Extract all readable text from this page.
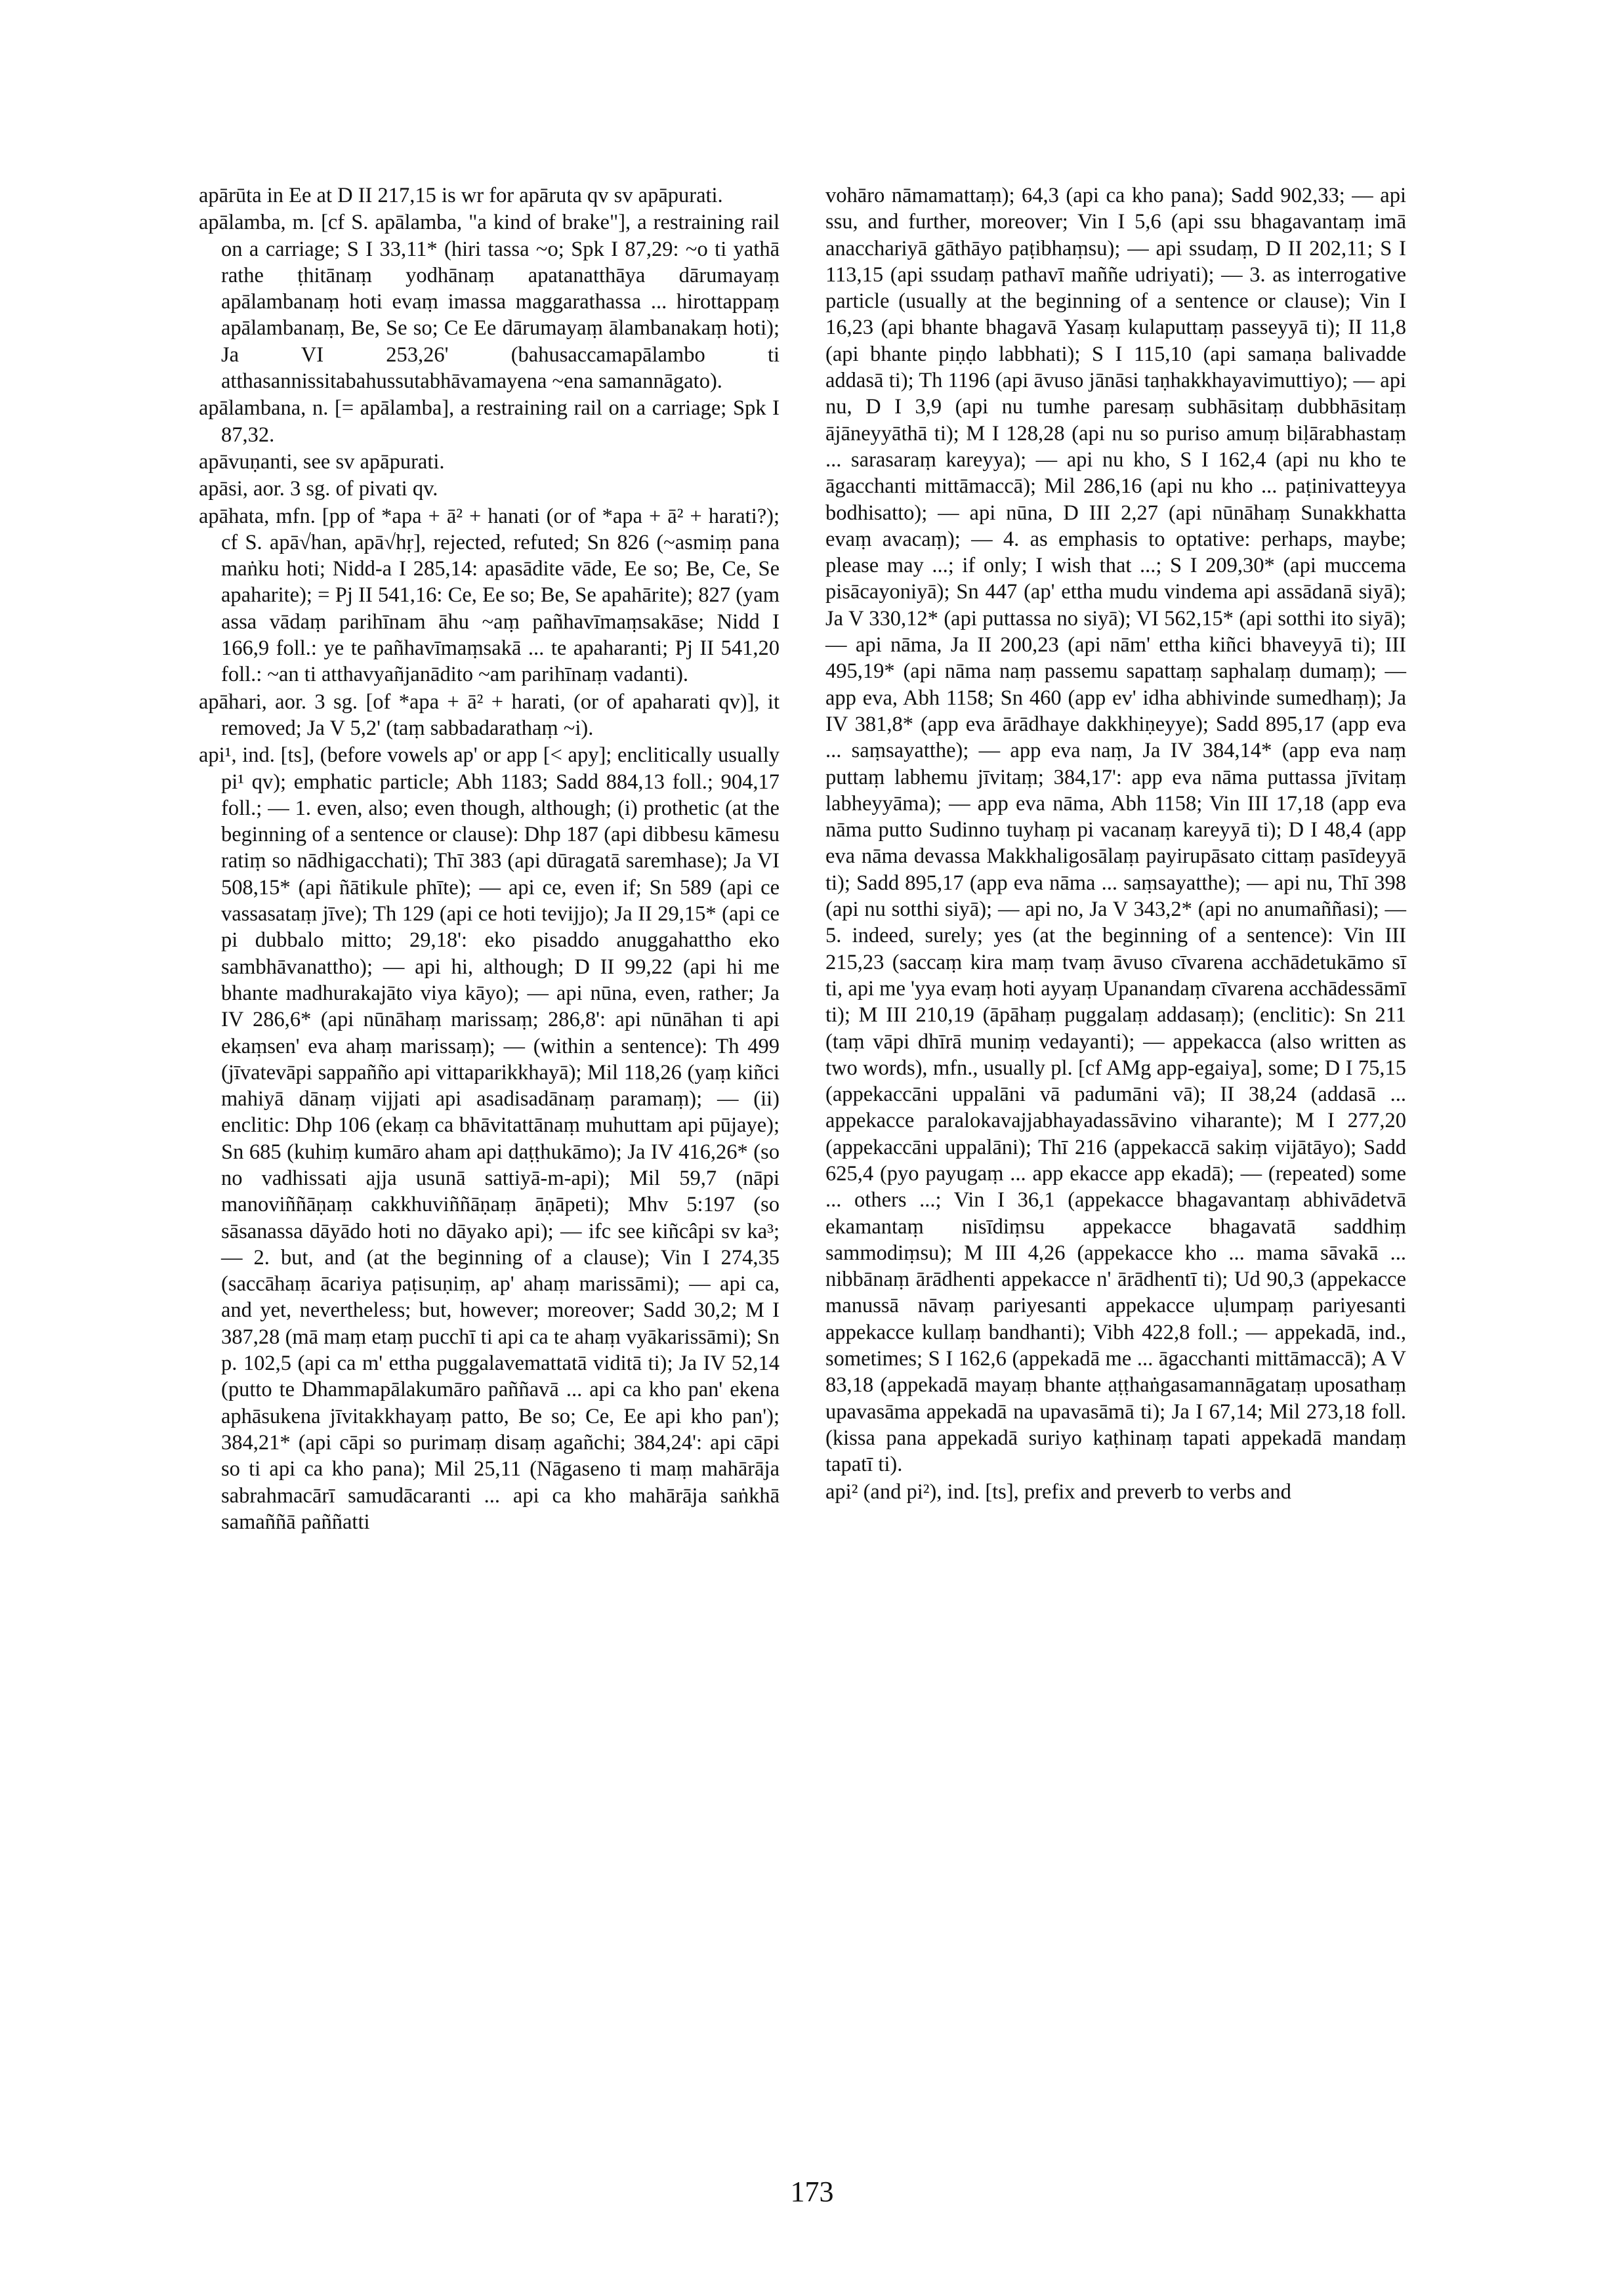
apārūta in Ee at D II 217,15 is wr for apāruta qv sv apāpurati.

apālamba, m. [cf S. apālamba, "a kind of brake"], a restraining rail on a carriage; S I 33,11* (hiri tassa ~o; Spk I 87,29: ~o ti yathā rathe ṭhitānaṃ yodhānaṃ apatanatthāya dārumayaṃ apālambanaṃ hoti evaṃ imassa maggarathassa ... hirottappaṃ apālambanaṃ, Be, Se so; Ce Ee dārumayaṃ ālambanakaṃ hoti); Ja VI 253,26' (bahusaccamapālambo ti atthasannissitabahussutabhāvamayena ~ena samannāgato).

apālambana, n. [= apālamba], a restraining rail on a carriage; Spk I 87,32.

apāvuṇanti, see sv apāpurati.

apāsi, aor. 3 sg. of pivati qv.

apāhata, mfn. [pp of *apa + ā² + hanati (or of *apa + ā² + harati?); cf S. apā√han, apā√hṛ], rejected, refuted; Sn 826 (~asmiṃ pana maṅku hoti; Nidd-a I 285,14: apasādite vāde, Ee so; Be, Ce, Se apaharite); = Pj II 541,16: Ce, Ee so; Be, Se apahārite); 827 (yam assa vādaṃ parihīnam āhu ~aṃ pañhavīmaṃsakāse; Nidd I 166,9 foll.: ye te pañhavīmaṃsakā ... te apaharanti; Pj II 541,20 foll.: ~an ti atthavyañjanādito ~am parihīnaṃ vadanti).

apāhari, aor. 3 sg. [of *apa + ā² + harati, (or of apaharati qv)], it removed; Ja V 5,2' (taṃ sabbadarathaṃ ~i).

api¹, ind. [ts], (before vowels ap' or app [< apy]; enclitically usually pi¹ qv); emphatic particle; Abh 1183; Sadd 884,13 foll.; 904,17 foll.; — 1. even, also; even though, although; (i) prothetic (at the beginning of a sentence or clause): Dhp 187 (api dibbesu kāmesu ratiṃ so nādhigacchati); Thī 383 (api dūragatā saremhase); Ja VI 508,15* (api ñātikule phīte); — api ce, even if; Sn 589 (api ce vassasataṃ jīve); Th 129 (api ce hoti tevijjo); Ja II 29,15* (api ce pi dubbalo mitto; 29,18': eko pisaddo anuggahattho eko sambhāvanattho); — api hi, although; D II 99,22 (api hi me bhante madhurakajāto viya kāyo); — api nūna, even, rather; Ja IV 286,6* (api nūnāhaṃ marissaṃ; 286,8': api nūnāhan ti api ekaṃsen' eva ahaṃ marissaṃ); — (within a sentence): Th 499 (jīvatevāpi sappañño api vittaparikkhayā); Mil 118,26 (yaṃ kiñci mahiyā dānaṃ vijjati api asadisadānaṃ paramaṃ); — (ii) enclitic: Dhp 106 (ekaṃ ca bhāvitattānaṃ muhuttam api pūjaye); Sn 685 (kuhiṃ kumāro aham api daṭṭhukāmo); Ja IV 416,26* (so no vadhissati ajja usunā sattiyā-m-api); Mil 59,7 (nāpi manoviññāṇaṃ cakkhuviññāṇaṃ āṇāpeti); Mhv 5:197 (so sāsanassa dāyādo hoti no dāyako api); — ifc see kiñcâpi sv ka³; — 2. but, and (at the beginning of a clause); Vin I 274,35 (saccāhaṃ ācariya paṭisuṇiṃ, ap' ahaṃ marissāmi); — api ca, and yet, nevertheless; but, however; moreover; Sadd 30,2; M I 387,28 (mā maṃ etaṃ pucchī ti api ca te ahaṃ vyākarissāmi); Sn p. 102,5 (api ca m' ettha puggalavemattatā viditā ti); Ja IV 52,14 (putto te Dhammapālakumāro paññavā ... api ca kho pan' ekena aphāsukena jīvitakkhayaṃ patto, Be so; Ce, Ee api kho pan'); 384,21* (api cāpi so purimaṃ disaṃ agañchi; 384,24': api cāpi so ti api ca kho pana); Mil 25,11 (Nāgaseno ti maṃ mahārāja sabrahmacārī samudācaranti ... api ca kho mahārāja saṅkhā samaññā paññatti

vohāro nāmamattaṃ); 64,3 (api ca kho pana); Sadd 902,33; — api ssu, and further, moreover; Vin I 5,6 (api ssu bhagavantaṃ imā anacchariyā gāthāyo paṭibhaṃsu); — api ssudaṃ, D II 202,11; S I 113,15 (api ssudaṃ pathavī maññe udriyati); — 3. as interrogative particle (usually at the beginning of a sentence or clause); Vin I 16,23 (api bhante bhagavā Yasaṃ kulaputtaṃ passeyyā ti); II 11,8 (api bhante piṇḍo labbhati); S I 115,10 (api samaṇa balivadde addasā ti); Th 1196 (api āvuso jānāsi taṇhakkhayavimuttiyo); — api nu, D I 3,9 (api nu tumhe paresaṃ subhāsitaṃ dubbhāsitaṃ ājāneyyāthā ti); M I 128,28 (api nu so puriso amuṃ biḷārabhastaṃ ... sarasaraṃ kareyya); — api nu kho, S I 162,4 (api nu kho te āgacchanti mittāmaccā); Mil 286,16 (api nu kho ... paṭinivatteyya bodhisatto); — api nūna, D III 2,27 (api nūnāhaṃ Sunakkhatta evaṃ avacaṃ); — 4. as emphasis to optative: perhaps, maybe; please may ...; if only; I wish that ...; S I 209,30* (api muccema pisācayoniyā); Sn 447 (ap' ettha mudu vindema api assādanā siyā); Ja V 330,12* (api puttassa no siyā); VI 562,15* (api sotthi ito siyā); — api nāma, Ja II 200,23 (api nām' ettha kiñci bhaveyyā ti); III 495,19* (api nāma naṃ passemu sapattaṃ saphalaṃ dumaṃ); — app eva, Abh 1158; Sn 460 (app ev' idha abhivinde sumedhaṃ); Ja IV 381,8* (app eva ārādhaye dakkhiṇeyye); Sadd 895,17 (app eva ... saṃsayatthe); — app eva naṃ, Ja IV 384,14* (app eva naṃ puttaṃ labhemu jīvitaṃ; 384,17': app eva nāma puttassa jīvitaṃ labheyyāma); — app eva nāma, Abh 1158; Vin III 17,18 (app eva nāma putto Sudinno tuyhaṃ pi vacanaṃ kareyyā ti); D I 48,4 (app eva nāma devassa Makkhaligosālaṃ payirupāsato cittaṃ pasīdeyyā ti); Sadd 895,17 (app eva nāma ... saṃsayatthe); — api nu, Thī 398 (api nu sotthi siyā); — api no, Ja V 343,2* (api no anumaññasi); — 5. indeed, surely; yes (at the beginning of a sentence): Vin III 215,23 (saccaṃ kira maṃ tvaṃ āvuso cīvarena acchādetukāmo sī ti, api me 'yya evaṃ hoti ayyaṃ Upanandaṃ cīvarena acchādessāmī ti); M III 210,19 (āpāhaṃ puggalaṃ addasaṃ); (enclitic): Sn 211 (taṃ vāpi dhīrā muniṃ vedayanti); — appekacca (also written as two words), mfn., usually pl. [cf AMg app-egaiya], some; D I 75,15 (appekaccāni uppalāni vā padumāni vā); II 38,24 (addasā ... appekacce paralokavajjabhayadassāvino viharante); M I 277,20 (appekaccāni uppalāni); Thī 216 (appekaccā sakiṃ vijātāyo); Sadd 625,4 (pyo payugaṃ ... app ekacce app ekadā); — (repeated) some ... others ...; Vin I 36,1 (appekacce bhagavantaṃ abhivādetvā ekamantaṃ nisīdiṃsu appekacce bhagavatā saddhiṃ sammodiṃsu); M III 4,26 (appekacce kho ... mama sāvakā ... nibbānaṃ ārādhenti appekacce n' ārādhentī ti); Ud 90,3 (appekacce manussā nāvaṃ pariyesanti appekacce uḷumpaṃ pariyesanti appekacce kullaṃ bandhanti); Vibh 422,8 foll.; — appekadā, ind., sometimes; S I 162,6 (appekadā me ... āgacchanti mittāmaccā); A V 83,18 (appekadā mayaṃ bhante aṭṭhaṅgasamannāgataṃ uposathaṃ upavasāma appekadā na upavasāmā ti); Ja I 67,14; Mil 273,18 foll. (kissa pana appekadā suriyo kaṭhinaṃ tapati appekadā mandaṃ tapatī ti).

api² (and pi²), ind. [ts], prefix and preverb to verbs and

173
